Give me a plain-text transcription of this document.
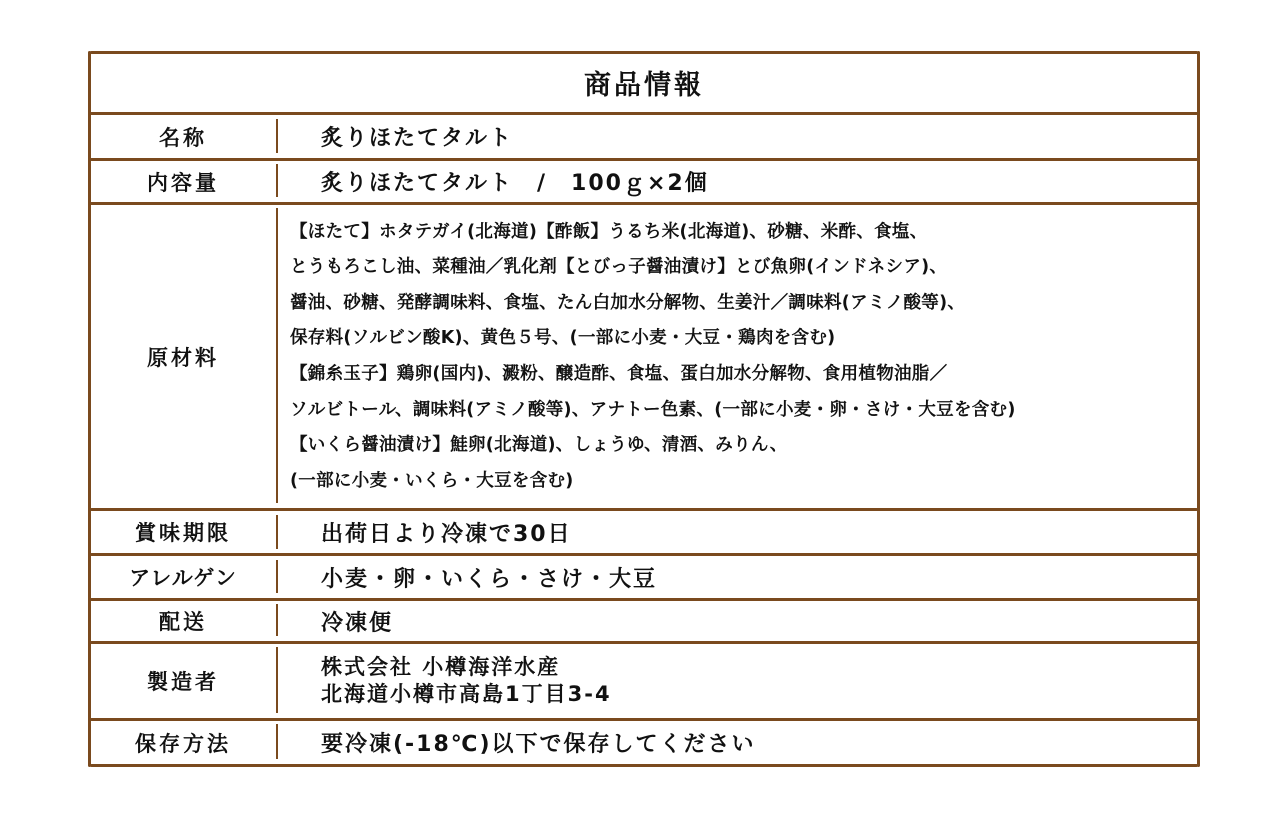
商品情報
名称	炙りほたてタルト
内容量	炙りほたてタルト　/　100ｇ×2個
原材料
【ほたて】ホタテガイ(北海道)【酢飯】うるち米(北海道)、砂糖、米酢、食塩、
とうもろこし油、菜種油／乳化剤【とびっ子醤油漬け】とび魚卵(インドネシア)、
醤油、砂糖、発酵調味料、食塩、たん白加水分解物、生姜汁／調味料(アミノ酸等)、
保存料(ソルビン酸K)、黄色５号、(一部に小麦・大豆・鶏肉を含む)
【錦糸玉子】鶏卵(国内)、澱粉、醸造酢、食塩、蛋白加水分解物、食用植物油脂／
ソルビトール、調味料(アミノ酸等)、アナトー色素、(一部に小麦・卵・さけ・大豆を含む)
【いくら醤油漬け】鮭卵(北海道)、しょうゆ、清酒、みりん、
(一部に小麦・いくら・大豆を含む)
賞味期限	出荷日より冷凍で30日
アレルゲン	小麦・卵・いくら・さけ・大豆
配送	冷凍便
製造者
株式会社 小樽海洋水産
北海道小樽市高島1丁目3-4
保存方法	要冷凍(-18℃)以下で保存してください
